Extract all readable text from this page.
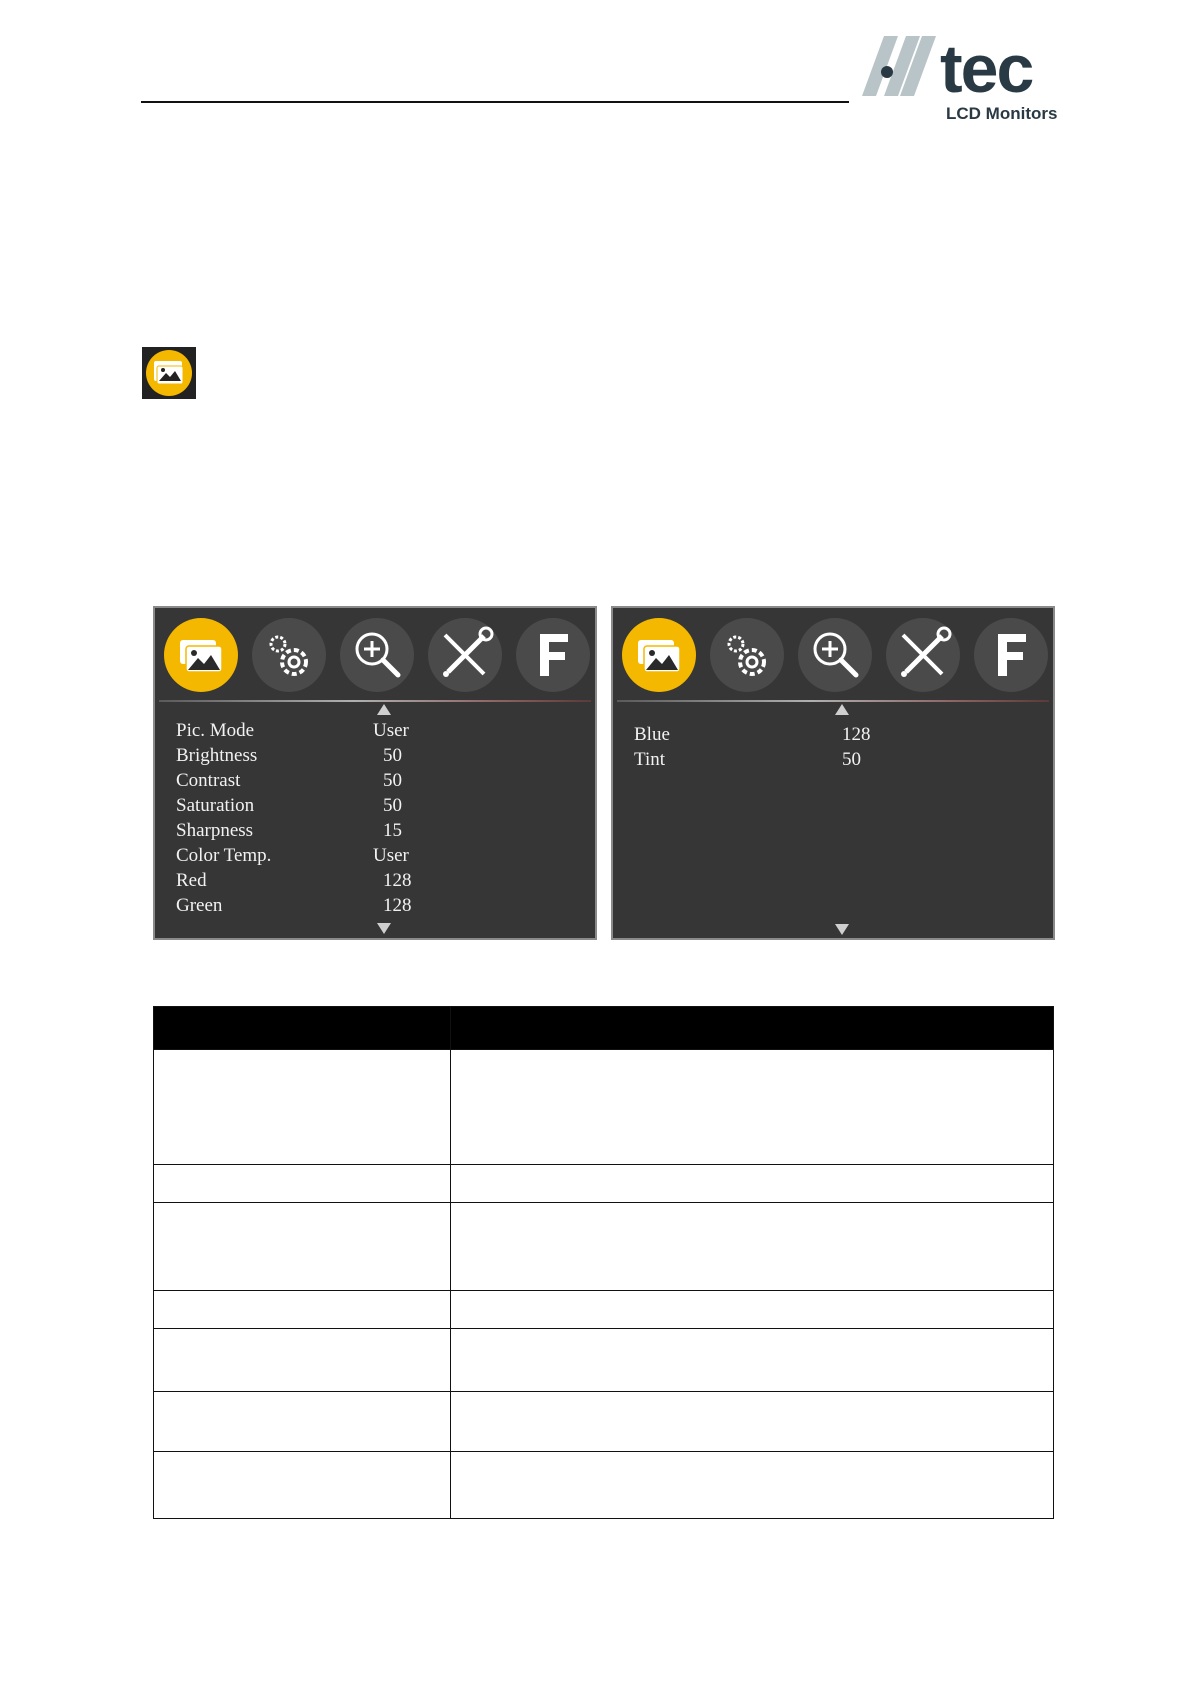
tec
LCD Monitors
Pic. Mode	User
Brightness	50
Contrast	50
Saturation	50
Sharpness	15
Color Temp.	User
Red	128
Green	128
Blue	128
Tint	50
